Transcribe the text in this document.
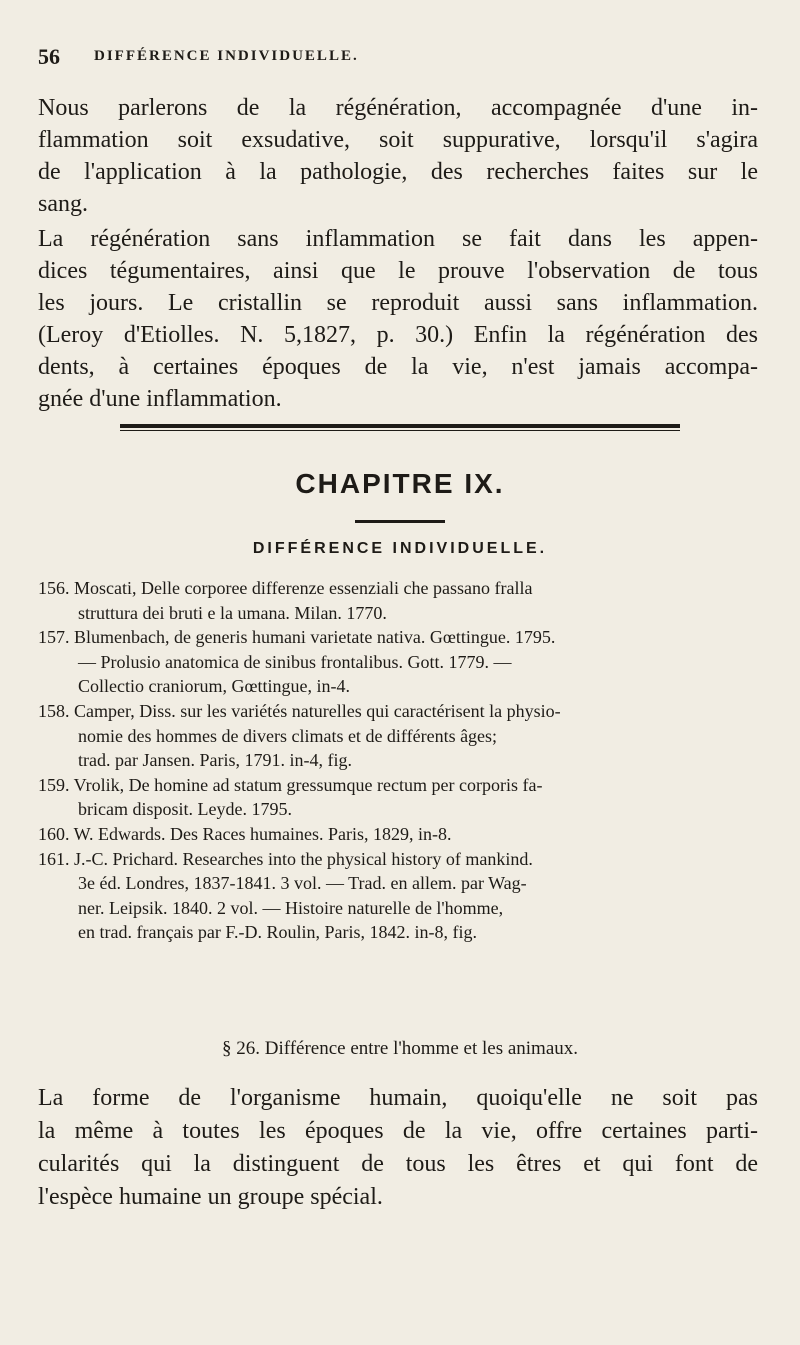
56 DIFFÉRENCE INDIVIDUELLE.
Nous parlerons de la régénération, accompagnée d'une in-
flammation soit exsudative, soit suppurative, lorsqu'il s'agira
de l'application à la pathologie, des recherches faites sur le
sang.
La régénération sans inflammation se fait dans les appen-
dices tégumentaires, ainsi que le prouve l'observation de tous
les jours. Le cristallin se reproduit aussi sans inflammation.
(Leroy d'Etiolles. N. 5,1827, p. 30.) Enfin la régénération des
dents, à certaines époques de la vie, n'est jamais accompa-
gnée d'une inflammation.
CHAPITRE IX.
DIFFÉRENCE INDIVIDUELLE.
156. Moscati, Delle corporee differenze essenziali che passano fralla
struttura dei bruti e la umana. Milan. 1770.
157. Blumenbach, de generis humani varietate nativa. Gœttingue. 1795.
— Prolusio anatomica de sinibus frontalibus. Gott. 1779. —
Collectio craniorum, Gœttingue, in-4.
158. Camper, Diss. sur les variétés naturelles qui caractérisent la physio-
nomie des hommes de divers climats et de différents âges;
trad. par Jansen. Paris, 1791. in-4, fig.
159. Vrolik, De homine ad statum gressumque rectum per corporis fa-
bricam disposit. Leyde. 1795.
160. W. Edwards. Des Races humaines. Paris, 1829, in-8.
161. J.-C. Prichard. Researches into the physical history of mankind.
3e éd. Londres, 1837-1841. 3 vol. — Trad. en allem. par Wag-
ner. Leipsik. 1840. 2 vol. — Histoire naturelle de l'homme,
en trad. français par F.-D. Roulin, Paris, 1842. in-8, fig.
§ 26. Différence entre l'homme et les animaux.
La forme de l'organisme humain, quoiqu'elle ne soit pas
la même à toutes les époques de la vie, offre certaines parti-
cularités qui la distinguent de tous les êtres et qui font de
l'espèce humaine un groupe spécial.
